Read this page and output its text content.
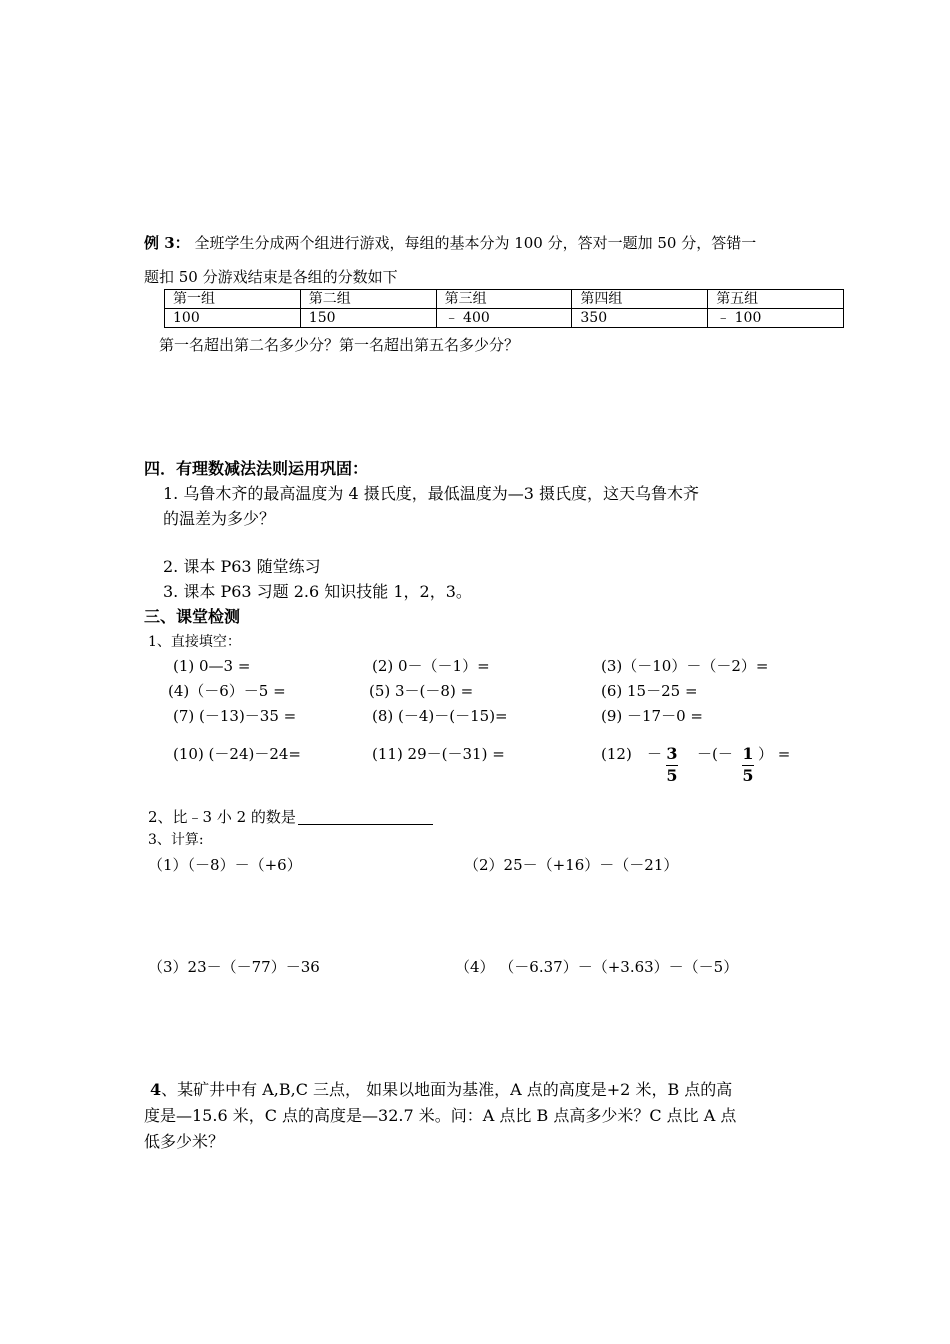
例 3： 全班学生分成两个组进行游戏，每组的基本分为 100 分，答对一题加 50 分，答错一
题扣 50 分游戏结束是各组的分数如下
第一组	第二组	第三组	第四组	第五组
100	150	﹣ 400	350	﹣ 100
第一名超出第二名多少分？第一名超出第五名多少分？
四．有理数减法法则运用巩固：
1. 乌鲁木齐的最高温度为 4 摄氏度，最低温度为—3 摄氏度，这天乌鲁木齐
的温差为多少？
2. 课本 P63 随堂练习
3. 课本 P63 习题 2.6 知识技能 1，2，3。
三、课堂检测
1、直接填空：
(1) 0—3 =	(2) 0－（－1）=	(3)（－10）－（－2）=
(4)（－6）－5 =	(5) 3－(－8) =	(6) 15－25 =
(7) (－13)－35 =	(8) (－4)－(－15)=	(9) －17－0 =
(10) (－24)－24=	(11) 29－(－31) =	(12) － 3
5
－(－ 1
5
） =
2、比﹣3 小 2 的数是
3、计算:
（1）（－8）－（+6）	（2）25－（+16）－（－21）
（3）23－（－77）－36	（4） （－6.37）－（+3.63）－（－5）
4、某矿井中有 A,B,C 三点， 如果以地面为基准，A 点的高度是+2 米，B 点的高
度是—15.6 米，C 点的高度是—32.7 米。问：A 点比 B 点高多少米？C 点比 A 点
低多少米？
